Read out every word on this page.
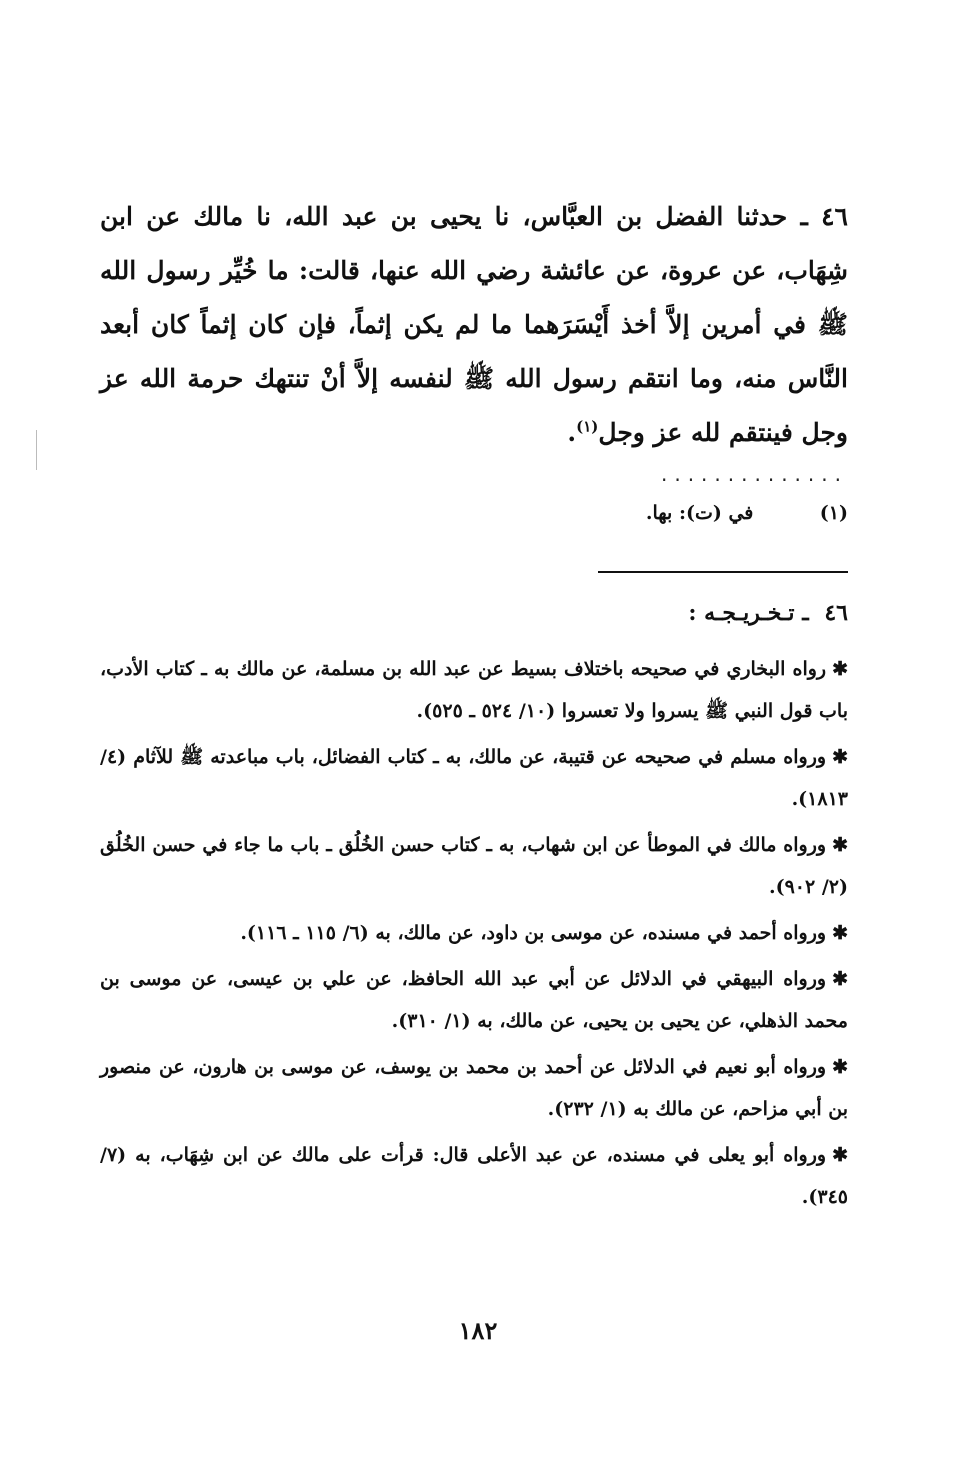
٤٦ ـ حدثنا الفضل بن العبَّاس، نا يحيى بن عبد الله، نا مالك عن ابن شِهَاب، عن عروة، عن عائشة رضي الله عنها، قالت: ما خُيِّر رسول الله ﷺ في أمرين إلاَّ أخذ أَيْسَرَهما ما لم يكن إثماً، فإن كان إثماً كان أبعد النَّاس منه، وما انتقم رسول الله ﷺ لنفسه إلاَّ أنْ تنتهك حرمة الله عز وجل فينتقم لله عز وجل$^{(١)}$.
..............
(١) في (ت): بها.
٤٦ ـ تـخـريـجـه :
✱رواه البخاري في صحيحه باختلاف بسيط عن عبد الله بن مسلمة، عن مالك به ـ كتاب الأدب، باب قول النبي ﷺ يسروا ولا تعسروا (١٠/ ٥٢٤ ـ ٥٢٥).
✱ورواه مسلم في صحيحه عن قتيبة، عن مالك، به ـ كتاب الفضائل، باب مباعدته ﷺ للآثام (٤/ ١٨١٣).
✱ورواه مالك في الموطأ عن ابن شهاب، به ـ كتاب حسن الخُلُق ـ باب ما جاء في حسن الخُلُق (٢/ ٩٠٢).
✱ورواه أحمد في مسنده، عن موسى بن داود، عن مالك، به (٦/ ١١٥ ـ ١١٦).
✱ورواه البيهقي في الدلائل عن أبي عبد الله الحافظ، عن علي بن عيسى، عن موسى بن محمد الذهلي، عن يحيى بن يحيى، عن مالك، به (١/ ٣١٠).
✱ورواه أبو نعيم في الدلائل عن أحمد بن محمد بن يوسف، عن موسى بن هارون، عن منصور بن أبي مزاحم، عن مالك به (١/ ٢٣٢).
✱ورواه أبو يعلى في مسنده، عن عبد الأعلى قال: قرأت على مالك عن ابن شِهَاب، به (٧/ ٣٤٥).
١٨٢
